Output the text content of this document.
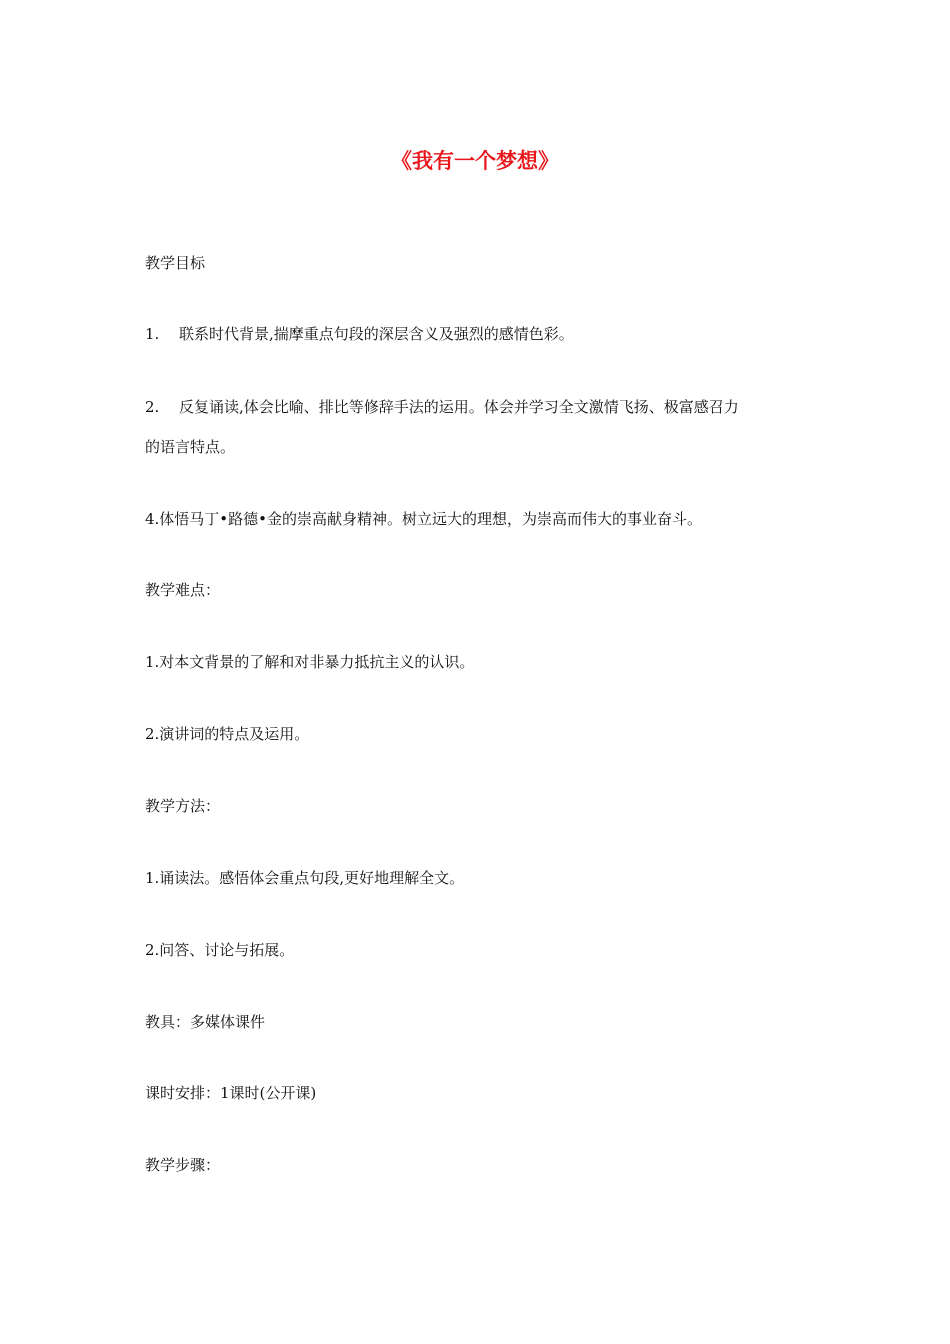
《我有一个梦想》
教学目标
1. 联系时代背景,揣摩重点句段的深层含义及强烈的感情色彩。
2. 反复诵读,体会比喻、排比等修辞手法的运用。体会并学习全文激情飞扬、极富感召力
的语言特点。
4.体悟马丁•路德•金的崇高献身精神。树立远大的理想，为崇高而伟大的事业奋斗。
教学难点：
1.对本文背景的了解和对非暴力抵抗主义的认识。
2.演讲词的特点及运用。
教学方法：
1.诵读法。感悟体会重点句段,更好地理解全文。
2.问答、讨论与拓展。
教具：多媒体课件
课时安排：1课时(公开课)
教学步骤：
